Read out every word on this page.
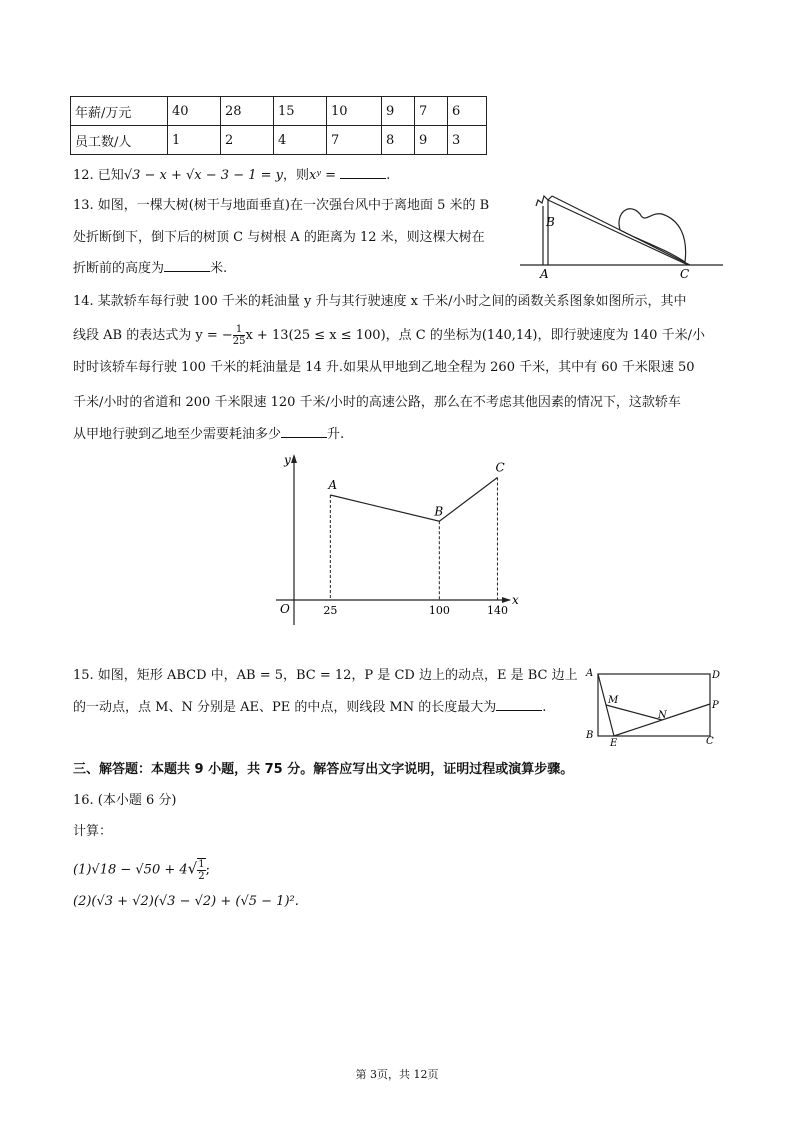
年薪/万元	40	28	15	10	9	7	6
员工数/人	1	2	4	7	8	9	3
12. 已知√3 − x + √x − 3 − 1 = y，则xʸ =	.
13. 如图，一棵大树(树干与地面垂直)在一次强台风中于离地面 5 米的 B
处折断倒下，倒下后的树顶 C 与树根 A 的距离为 12 米，则这棵大树在
折断前的高度为	米.
B
A	C
14. 某款轿车每行驶 100 千米的耗油量 y 升与其行驶速度 x 千米/小时之间的函数关系图象如图所示，其中
线段 AB 的表达式为 y = − $\frac{1}{25}$ x + 13(25 ≤ x ≤ 100)，点 C 的坐标为(140,14)，即行驶速度为 140 千米/小
时时该轿车每行驶 100 千米的耗油量是 14 升.如果从甲地到乙地全程为 260 千米，其中有 60 千米限速 50
千米/小时的省道和 200 千米限速 120 千米/小时的高速公路，那么在不考虑其他因素的情况下，这款轿车
从甲地行驶到乙地至少需要耗油多少	升.
y
x
O
A
25
B
100
C
140
15. 如图，矩形 ABCD 中，AB = 5，BC = 12，P 是 CD 边上的动点，E 是 BC 边上
的一动点，点 M、N 分别是 AE、PE 的中点，则线段 MN 的长度最大为	.
A	D
B
C
E
M
N
P
三、解答题：本题共 9 小题，共 75 分。解答应写出文字说明，证明过程或演算步骤。
16. (本小题 6 分)
计算：
$(1)√18 - √50 + 4√ \frac{1}{2}$ ;
(2)(√3 + √2)(√3 − √2) + (√5 − 1)².
第 3页，共 12页
